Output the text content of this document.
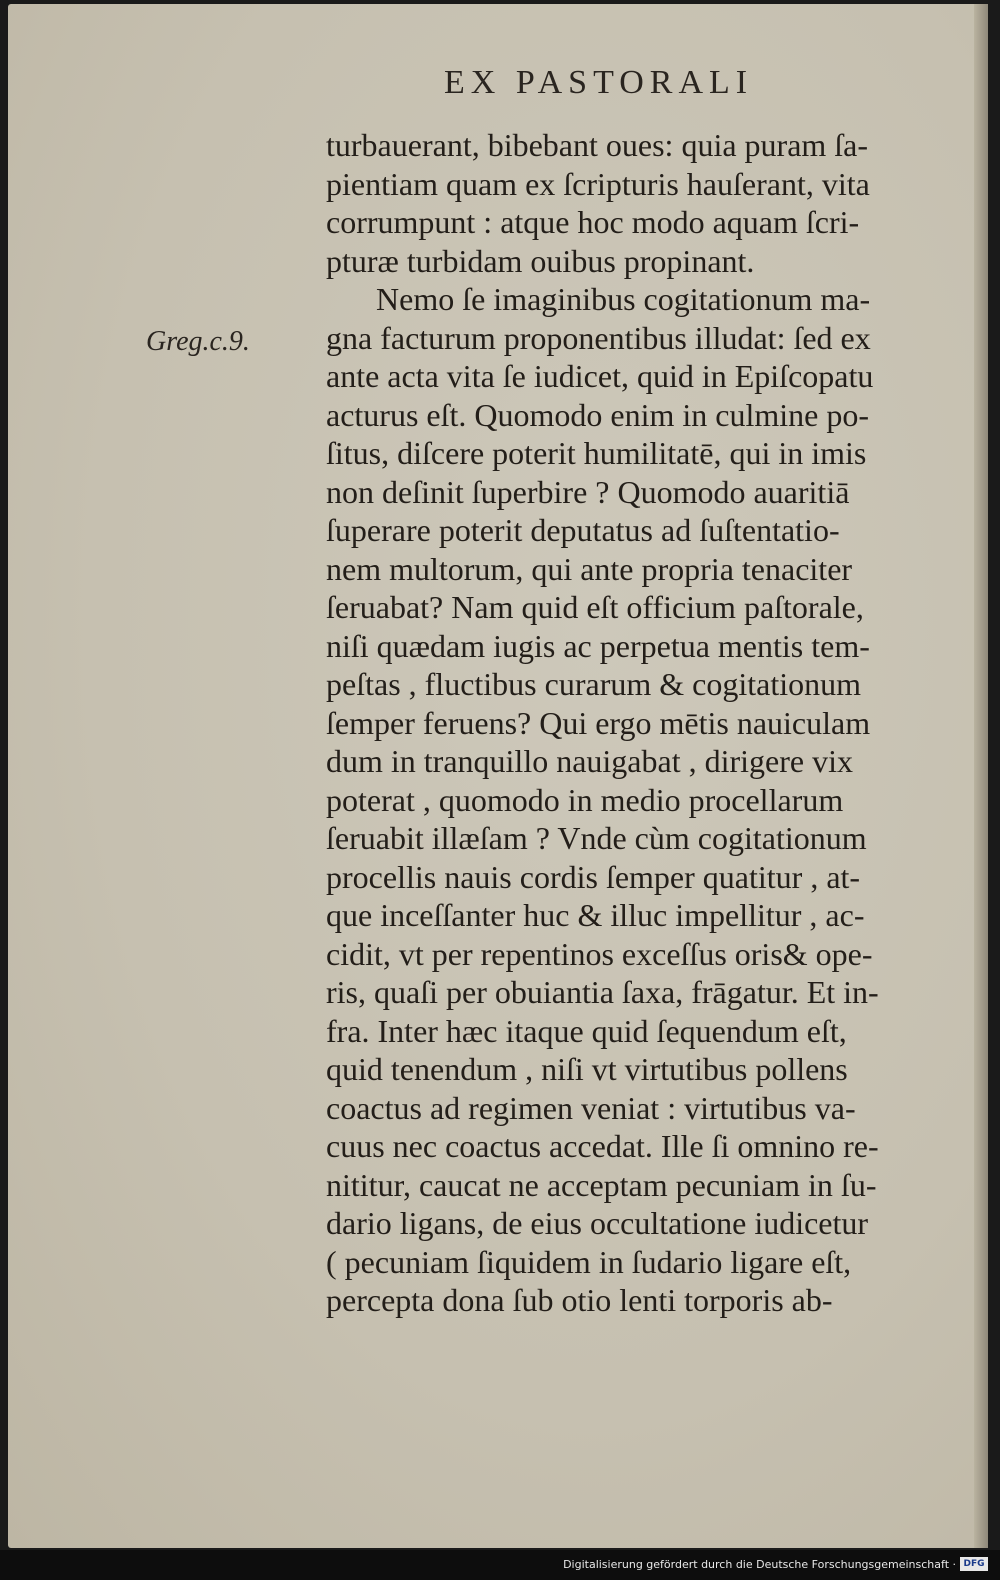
EX PASTORALI
Greg.c.9.
turbauerant, bibebant oues: quia puram ſa-
pientiam quam ex ſcripturis hauſerant, vita
corrumpunt : atque hoc modo aquam ſcri-
pturæ turbidam ouibus propinant.
Nemo ſe imaginibus cogitationum ma-
gna facturum proponentibus illudat: ſed ex
ante acta vita ſe iudicet, quid in Epiſcopatu
acturus eſt. Quomodo enim in culmine po-
ſitus, diſcere poterit humilitatē, qui in imis
non deſinit ſuperbire ? Quomodo auaritiā
ſuperare poterit deputatus ad ſuſtentatio-
nem multorum, qui ante propria tenaciter
ſeruabat? Nam quid eſt officium paſtorale,
niſi quædam iugis ac perpetua mentis tem-
peſtas , fluctibus curarum & cogitationum
ſemper feruens? Qui ergo mētis nauiculam
dum in tranquillo nauigabat , dirigere vix
poterat , quomodo in medio procellarum
ſeruabit illæſam ? Vnde cùm cogitationum
procellis nauis cordis ſemper quatitur , at-
que inceſſanter huc & illuc impellitur , ac-
cidit, vt per repentinos exceſſus oris& ope-
ris, quaſi per obuiantia ſaxa, frāgatur. Et in-
fra. Inter hæc itaque quid ſequendum eſt,
quid tenendum , niſi vt virtutibus pollens
coactus ad regimen veniat : virtutibus va-
cuus nec coactus accedat. Ille ſi omnino re-
nititur, caucat ne acceptam pecuniam in ſu-
dario ligans, de eius occultatione iudicetur
( pecuniam ſiquidem in ſudario ligare eſt,
percepta dona ſub otio lenti torporis ab-
Digitalisierung gefördert durch die Deutsche Forschungsgemeinschaft · DFG
